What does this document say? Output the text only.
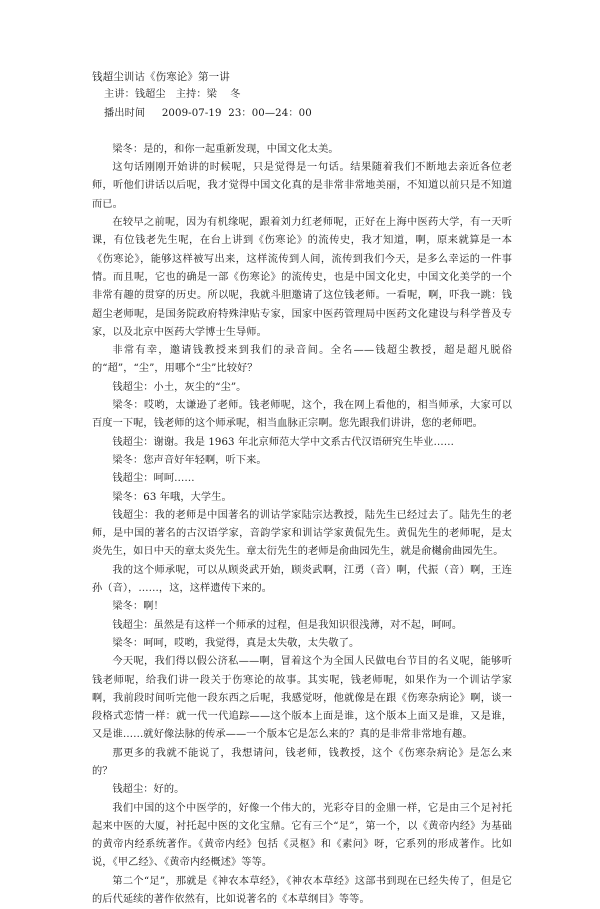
钱超尘训诂《伤寒论》第一讲

主讲：钱超尘   主持：梁    冬

播出时间     2009-07-19  23：00—24：00

梁冬：是的，和你一起重新发现，中国文化太美。

这句话刚刚开始讲的时候呢，只是觉得是一句话。结果随着我们不断地去亲近各位老师，听他们讲话以后呢，我才觉得中国文化真的是非常非常地美丽，不知道以前只是不知道而已。

在较早之前呢，因为有机缘呢，跟着刘力红老师呢，正好在上海中医药大学，有一天听课，有位钱老先生呢，在台上讲到《伤寒论》的流传史，我才知道，啊，原来就算是一本《伤寒论》，能够这样被写出来，这样流传到人间，流传到我们今天，是多么幸运的一件事情。而且呢，它也的确是一部《伤寒论》的流传史，也是中国文化史，中国文化美学的一个非常有趣的贯穿的历史。所以呢，我就斗胆邀请了这位钱老师。一看呢，啊，吓我一跳：钱超尘老师呢，是国务院政府特殊津贴专家，国家中医药管理局中医药文化建设与科学普及专家，以及北京中医药大学博士生导师。

非常有幸，邀请钱教授来到我们的录音间。全名——钱超尘教授，超是超凡脱俗的“超”，“尘”，用哪个“尘”比较好？

钱超尘：小土，灰尘的“尘”。

梁冬：哎哟，太谦逊了老师。钱老师呢，这个，我在网上看他的，相当师承，大家可以百度一下呢，钱老师的这个师承呢，相当血脉正宗啊。您先跟我们讲讲，您的老师吧。

钱超尘：谢谢。我是 1963 年北京师范大学中文系古代汉语研究生毕业……

梁冬：您声音好年轻啊，听下来。

钱超尘：呵呵……

梁冬：63 年哦，大学生。

钱超尘：我的老师是中国著名的训诂学家陆宗达教授，陆先生已经过去了。陆先生的老师，是中国的著名的古汉语学家，音韵学家和训诂学家黄侃先生。黄侃先生的老师呢，是太炎先生，如日中天的章太炎先生。章太衍先生的老师是俞曲园先生，就是俞樾俞曲园先生。

我的这个师承呢，可以从顾炎武开始，顾炎武啊，江勇（音）啊，代振（音）啊，王连孙（音），……，这，这样遗传下来的。

梁冬：啊！

钱超尘：虽然是有这样一个师承的过程，但是我知识很浅薄，对不起，呵呵。

梁冬：呵呵，哎哟，我觉得，真是太失敬，太失敬了。

今天呢，我们得以假公济私——啊，冒着这个为全国人民做电台节目的名义呢，能够听钱老师呢，给我们讲一段关于伤寒论的故事。其实呢，钱老师呢，如果作为一个训诂学家啊，我前段时间听完他一段东西之后呢，我感觉呀，他就像是在跟《伤寒杂病论》啊，谈一段格式恋情一样：就一代一代追踪——这个版本上面是谁，这个版本上面又是谁，又是谁，又是谁……就好像法脉的传承——一个版本它是怎么来的？真的是非常非常地有趣。

那更多的我就不能说了，我想请问，钱老师，钱教授，这个《伤寒杂病论》是怎么来的？

钱超尘：好的。

我们中国的这个中医学的，好像一个伟大的，光彩夺目的金鼎一样，它是由三个足衬托起来中医的大厦，衬托起中医的文化宝鼎。它有三个“足”，第一个，以《黄帝内经》为基础的黄帝内经系统著作。《黄帝内经》包括《灵枢》和《素问》呀，它系列的形成著作。比如说，《甲乙经》、《黄帝内经概述》等等。

第二个“足”，那就是《神农本草经》，《神农本草经》这部书到现在已经失传了，但是它的后代延续的著作依然有，比如说著名的《本草纲目》等等。
